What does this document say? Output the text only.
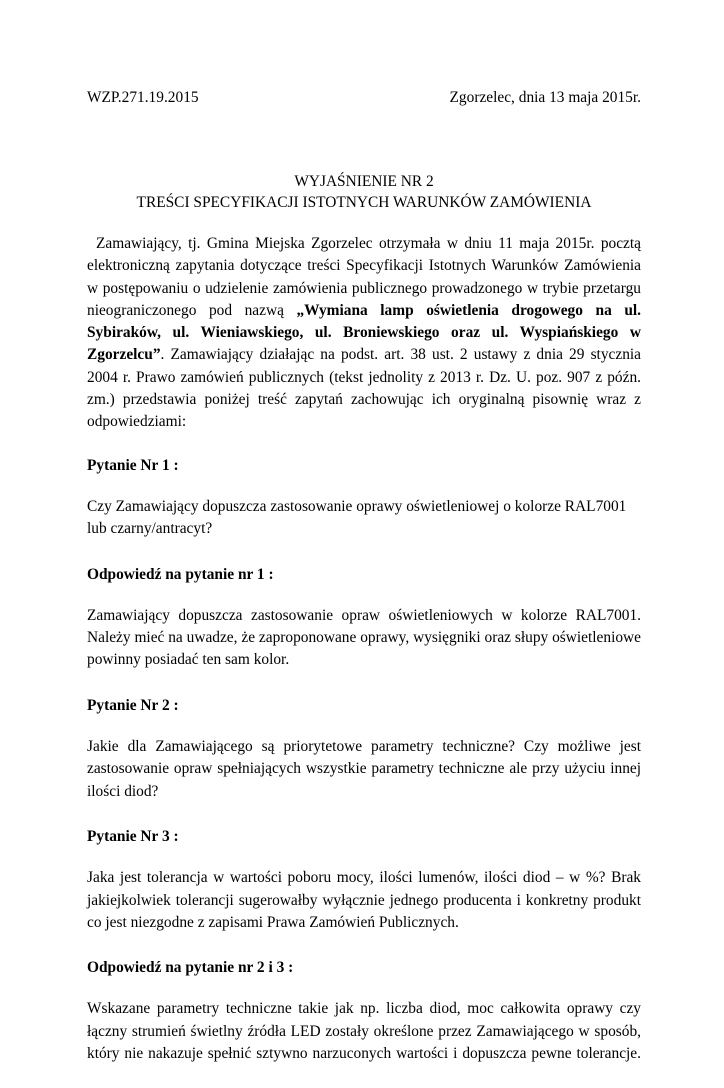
WZP.271.19.2015	Zgorzelec, dnia 13 maja 2015r.
WYJAŚNIENIE NR 2
TREŚCI SPECYFIKACJI ISTOTNYCH WARUNKÓW ZAMÓWIENIA

Zamawiający, tj. Gmina Miejska Zgorzelec otrzymała w dniu 11 maja 2015r. pocztą elektroniczną zapytania dotyczące treści Specyfikacji Istotnych Warunków Zamówienia w postępowaniu o udzielenie zamówienia publicznego prowadzonego w trybie przetargu nieograniczonego pod nazwą „Wymiana lamp oświetlenia drogowego na ul. Sybiraków, ul. Wieniawskiego, ul. Broniewskiego oraz ul. Wyspiańskiego w Zgorzelcu”. Zamawiający działając na podst. art. 38 ust. 2 ustawy z dnia 29 stycznia 2004 r. Prawo zamówień publicznych (tekst jednolity z 2013 r. Dz. U. poz. 907 z późn. zm.) przedstawia poniżej treść zapytań zachowując ich oryginalną pisownię wraz z odpowiedziami:

Pytanie Nr 1 :

Czy Zamawiający dopuszcza zastosowanie oprawy oświetleniowej o kolorze RAL7001 lub czarny/antracyt?

Odpowiedź na pytanie nr 1 :

Zamawiający dopuszcza zastosowanie opraw oświetleniowych w kolorze RAL7001. Należy mieć na uwadze, że zaproponowane oprawy, wysięgniki oraz słupy oświetleniowe powinny posiadać ten sam kolor.

Pytanie Nr 2 :

Jakie dla Zamawiającego są priorytetowe parametry techniczne? Czy możliwe jest zastosowanie opraw spełniających wszystkie parametry techniczne ale przy użyciu innej ilości diod?

Pytanie Nr 3 :

Jaka jest tolerancja w wartości poboru mocy, ilości lumenów, ilości diod – w %? Brak jakiejkolwiek tolerancji sugerowałby wyłącznie jednego producenta i konkretny produkt co jest niezgodne z zapisami Prawa Zamówień Publicznych.

Odpowiedź na pytanie nr 2 i 3 :

Wskazane parametry techniczne takie jak np. liczba diod, moc całkowita oprawy czy łączny strumień świetlny źródła LED zostały określone przez Zamawiającego w sposób, który nie nakazuje spełnić sztywno narzuconych wartości i dopuszcza pewne tolerancje.
